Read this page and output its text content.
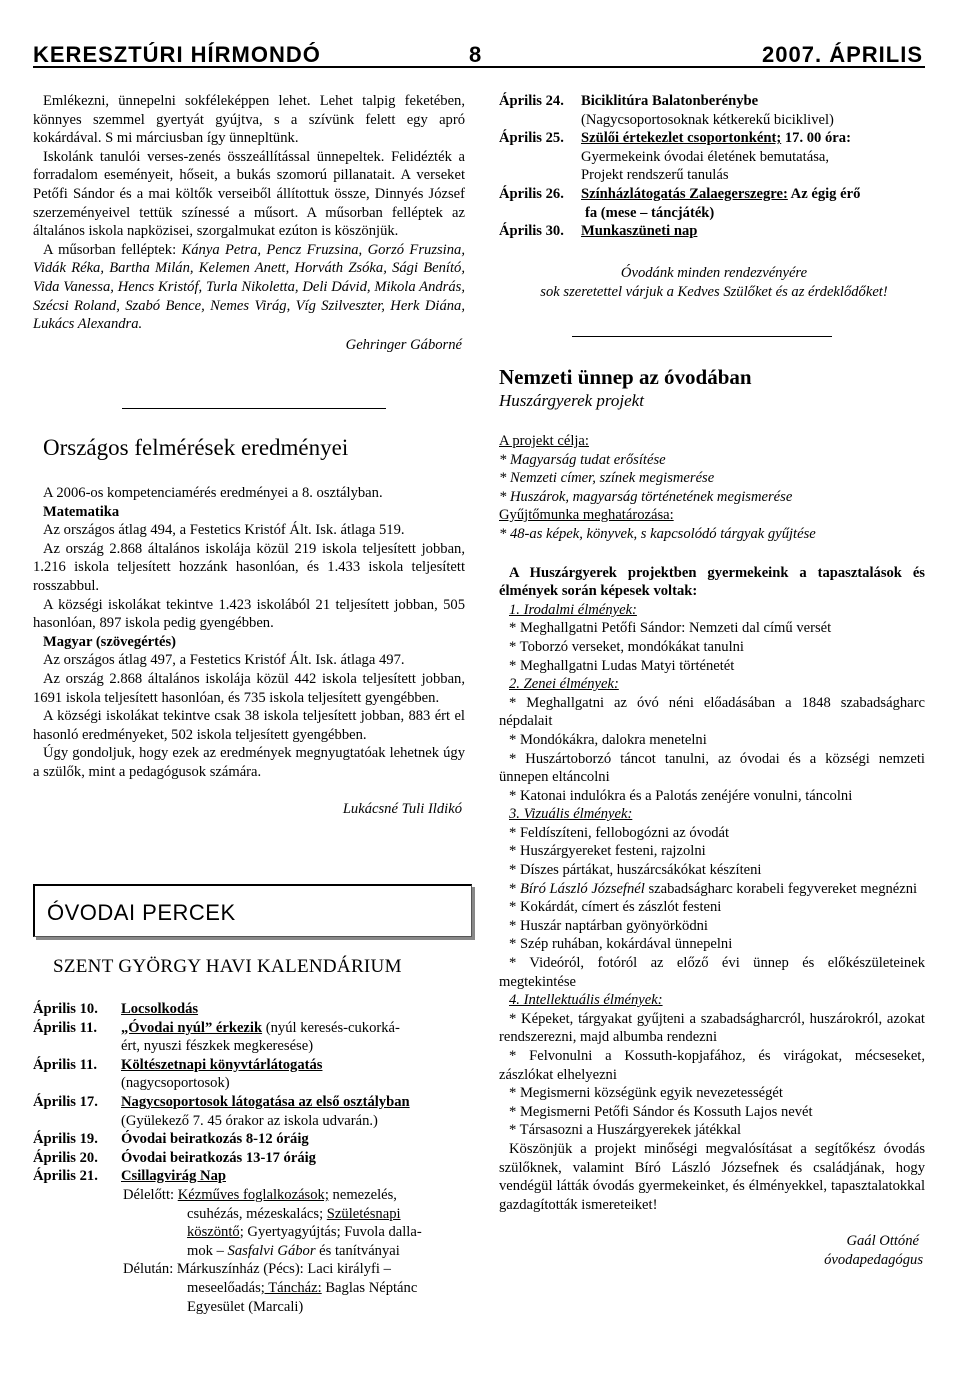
KERESZTÚRI HÍRMONDÓ	8	2007. ÁPRILIS

Emlékezni, ünnepelni sokféleképpen lehet. Lehet talpig feketében, könnyes szemmel gyertyát gyújtva, s a szívünk felett egy apró kokárdával. S mi márciusban így ünnepltünk.

Iskolánk tanulói verses-zenés összeállítással ünnepeltek. Felidézték a forradalom eseményeit, hőseit, a bukás szomorú pillanatait. A verseket Petőfi Sándor és a mai költők verseiből állítottuk össze, Dinnyés József szerzeményeivel tettük színessé a műsort. A műsorban felléptek az általános iskola napközisei, szorgalmukat ezúton is köszönjük.

A műsorban felléptek: Kánya Petra, Pencz Fruzsina, Gorzó Fruzsina, Vidák Réka, Bartha Milán, Kelemen Anett, Horváth Zsóka, Sági Benító, Vida Vanessa, Hencs Kristóf, Turla Nikoletta, Deli Dávid, Mikola András, Szécsi Roland, Szabó Bence, Nemes Virág, Víg Szilveszter, Herk Diána, Lukács Alexandra.

Gehringer Gáborné

Országos felmérések eredményei

A 2006-os kompetenciamérés eredményei a 8. osztályban.

Matematika

Az országos átlag 494, a Festetics Kristóf Ált. Isk. átlaga 519.

Az ország 2.868 általános iskolája közül 219 iskola teljesített jobban, 1.216 iskola teljesített hozzánk hasonlóan, és 1.433 iskola teljesített rosszabbul.

A községi iskolákat tekintve 1.423 iskolából 21 teljesített jobban, 505 hasonlóan, 897 iskola pedig gyengébben.

Magyar (szövegértés)

Az országos átlag 497, a Festetics Kristóf Ált. Isk. átlaga 497.

Az ország 2.868 általános iskolája közül 442 iskola teljesített jobban, 1691 iskola teljesített hasonlóan, és 735 iskola teljesített gyengébben.

A községi iskolákat tekintve csak 38 iskola teljesített jobban, 883 ért el hasonló eredményeket, 502 iskola teljesített gyengébben.

Úgy gondoljuk, hogy ezek az eredmények megnyugtatóak lehetnek úgy a szülők, mint a pedagógusok számára.

Lukácsné Tuli Ildikó

ÓVODAI PERCEK
SZENT GYÖRGY HAVI KALENDÁRIUM
Április 10.	Locsolkodás
Április 11.	„Óvodai nyúl” érkezik (nyúl keresés-cukorká-
ért, nyuszi fészkek megkeresése)
Április 11.	Költészetnapi könyvtárlátogatás
(nagycsoportosok)
Április 17.	Nagycsoportosok látogatása az első osztályban
(Gyülekező 7. 45 órakor az iskola udvarán.)
Április 19.	Óvodai beiratkozás 8-12 óráig
Április 20.	Óvodai beiratkozás 13-17 óráig
Április 21.	Csillagvirág Nap
Délelőtt: Kézműves foglalkozások; nemezelés,
csuhézás, mézeskalács; Születésnapi
köszöntő; Gyertyagyújtás; Fuvola dalla-
mok – Sasfalvi Gábor és tanítványai
Délután: Márkuszínház (Pécs): Laci királyfi –
meseelőadás; Táncház: Baglas Néptánc
Egyesület (Marcali)
Április 24.	Biciklitúra Balatonberénybe
(Nagycsoportosoknak kétkerekű biciklivel)
Április 25.	Szülői értekezlet csoportonként; 17. 00 óra:
Gyermekeink óvodai életének bemutatása,
Projekt rendszerű tanulás
Április 26.	Színházlátogatás Zalaegerszegre: Az égig érő
fa (mese – táncjáték)
Április 30.	Munkaszüneti nap
Óvodánk minden rendezvényére
sok szeretettel várjuk a Kedves Szülőket és az érdeklődőket!
Nemzeti ünnep az óvodában
Huszárgyerek projekt
A projekt célja:
* Magyarság tudat erősítése
* Nemzeti címer, színek megismerése
* Huszárok, magyarság történetének megismerése
Gyűjtőmunka meghatározása:
* 48-as képek, könyvek, s kapcsolódó tárgyak gyűjtése

A Huszárgyerek projektben gyermekeink a tapasztalások és élmények során képesek voltak:

1. Irodalmi élmények:

* Meghallgatni Petőfi Sándor: Nemzeti dal című versét

* Toborzó verseket, mondókákat tanulni

* Meghallgatni Ludas Matyi történetét

2. Zenei élmények:

* Meghallgatni az óvó néni előadásában a 1848 szabadságharc népdalait

* Mondókákra, dalokra menetelni

* Huszártoborzó táncot tanulni, az óvodai és a községi nemzeti ünnepen eltáncolni

* Katonai indulókra és a Palotás zenéjére vonulni, táncolni

3. Vizuális élmények:

* Feldíszíteni, fellobogózni az óvodát

* Huszárgyereket festeni, rajzolni

* Díszes pártákat, huszárcsákókat készíteni

* Bíró László Józsefnél szabadságharc korabeli fegyvereket megnézni

* Kokárdát, címert és zászlót festeni

* Huszár naptárban gyönyörködni

* Szép ruhában, kokárdával ünnepelni

* Videóról, fotóról az előző évi ünnep és előkészületeinek megtekintése

4. Intellektuális élmények:

* Képeket, tárgyakat gyűjteni a szabadságharcról, huszárokról, azokat rendszerezni, majd albumba rendezni

* Felvonulni a Kossuth-kopjafához, és virágokat, mécseseket, zászlókat elhelyezni

* Megismerni községünk egyik nevezetességét

* Megismerni Petőfi Sándor és Kossuth Lajos nevét

* Társasozni a Huszárgyerekek játékkal

Köszönjük a projekt minőségi megvalósításat a segítőkész óvodás szülőknek, valamint Bíró László Józsefnek és családjának, hogy vendégül látták óvodás gyermekeinket, és élményekkel, tapasztalatokkal gazdagították ismereteiket!

Gaál Ottóné
óvodapedagógus
